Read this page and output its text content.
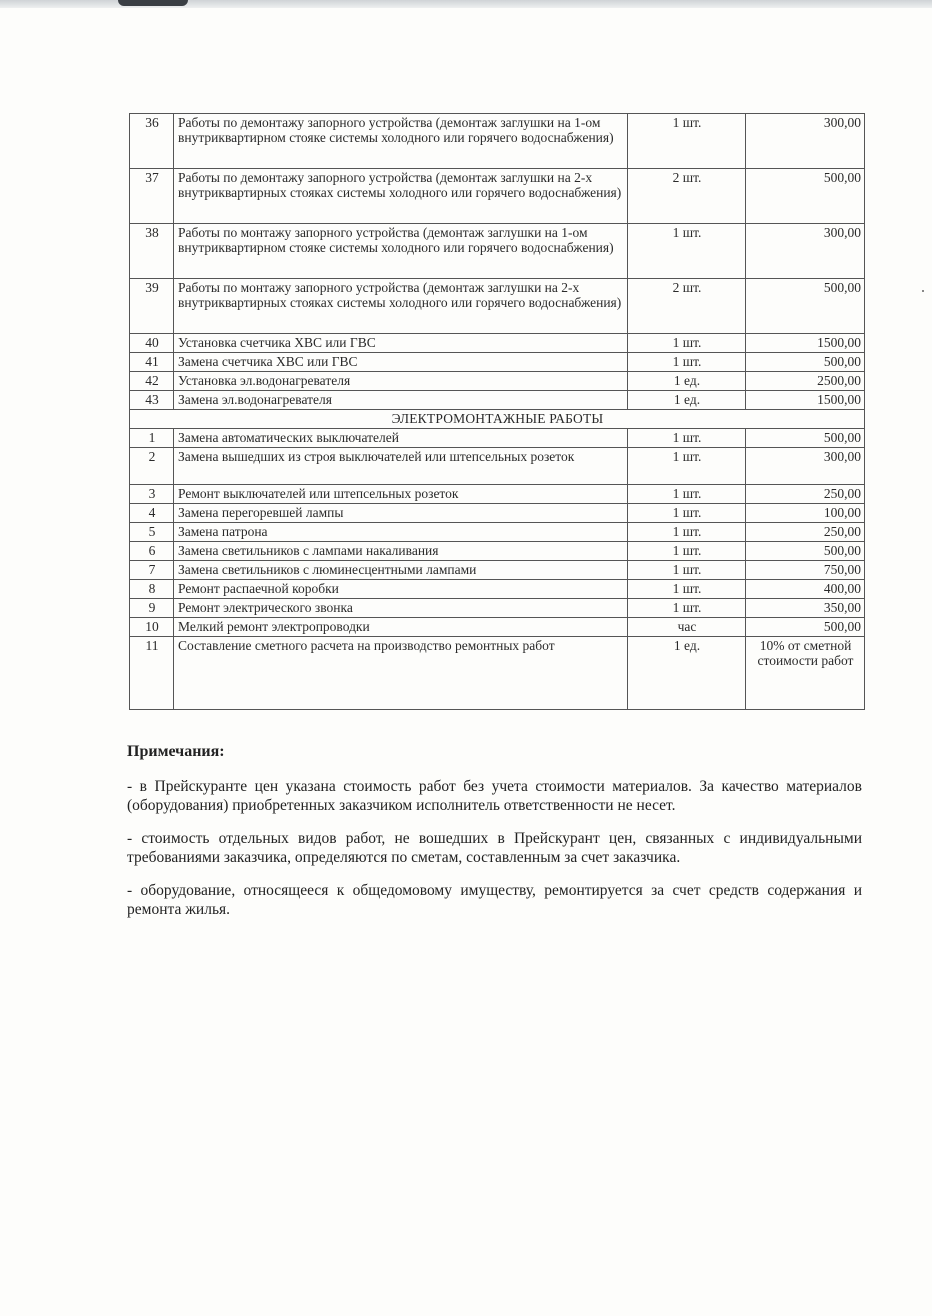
36	Работы по демонтажу запорного устройства (демонтаж заглушки на 1-ом внутриквартирном стояке системы холодного или горячего водоснабжения)	1 шт.	300,00
37	Работы по демонтажу запорного устройства (демонтаж заглушки на 2-х внутриквартирных стояках системы холодного или горячего водоснабжения)	2 шт.	500,00
38	Работы по монтажу запорного устройства (демонтаж заглушки на 1-ом внутриквартирном стояке системы холодного или горячего водоснабжения)	1 шт.	300,00
39	Работы по монтажу запорного устройства (демонтаж заглушки на 2-х внутриквартирных стояках системы холодного или горячего водоснабжения)	2 шт.	500,00
40	Установка счетчика ХВС или ГВС	1 шт.	1500,00
41	Замена счетчика ХВС или ГВС	1 шт.	500,00
42	Установка эл.водонагревателя	1 ед.	2500,00
43	Замена эл.водонагревателя	1 ед.	1500,00
ЭЛЕКТРОМОНТАЖНЫЕ РАБОТЫ			
1	Замена автоматических выключателей	1 шт.	500,00
2	Замена вышедших из строя выключателей или штепсельных розеток	1 шт.	300,00
3	Ремонт выключателей или штепсельных розеток	1 шт.	250,00
4	Замена перегоревшей лампы	1 шт.	100,00
5	Замена патрона	1 шт.	250,00
6	Замена светильников с лампами накаливания	1 шт.	500,00
7	Замена светильников с люминесцентными лампами	1 шт.	750,00
8	Ремонт распаечной коробки	1 шт.	400,00
9	Ремонт электрического звонка	1 шт.	350,00
10	Мелкий ремонт электропроводки	час	500,00
11	Составление сметного расчета на производство ремонтных работ	1 ед.	10% от сметной стоимости работ
Примечания:

- в Прейскуранте цен указана стоимость работ без учета стоимости материалов. За качество материалов (оборудования) приобретенных заказчиком исполнитель ответственности не несет.

- стоимость отдельных видов работ, не вошедших в Прейскурант цен, связанных с индивидуальными требованиями заказчика, определяются по сметам, составленным за счет заказчика.

- оборудование, относящееся к общедомовому имуществу, ремонтируется за счет средств содержания и ремонта жилья.
